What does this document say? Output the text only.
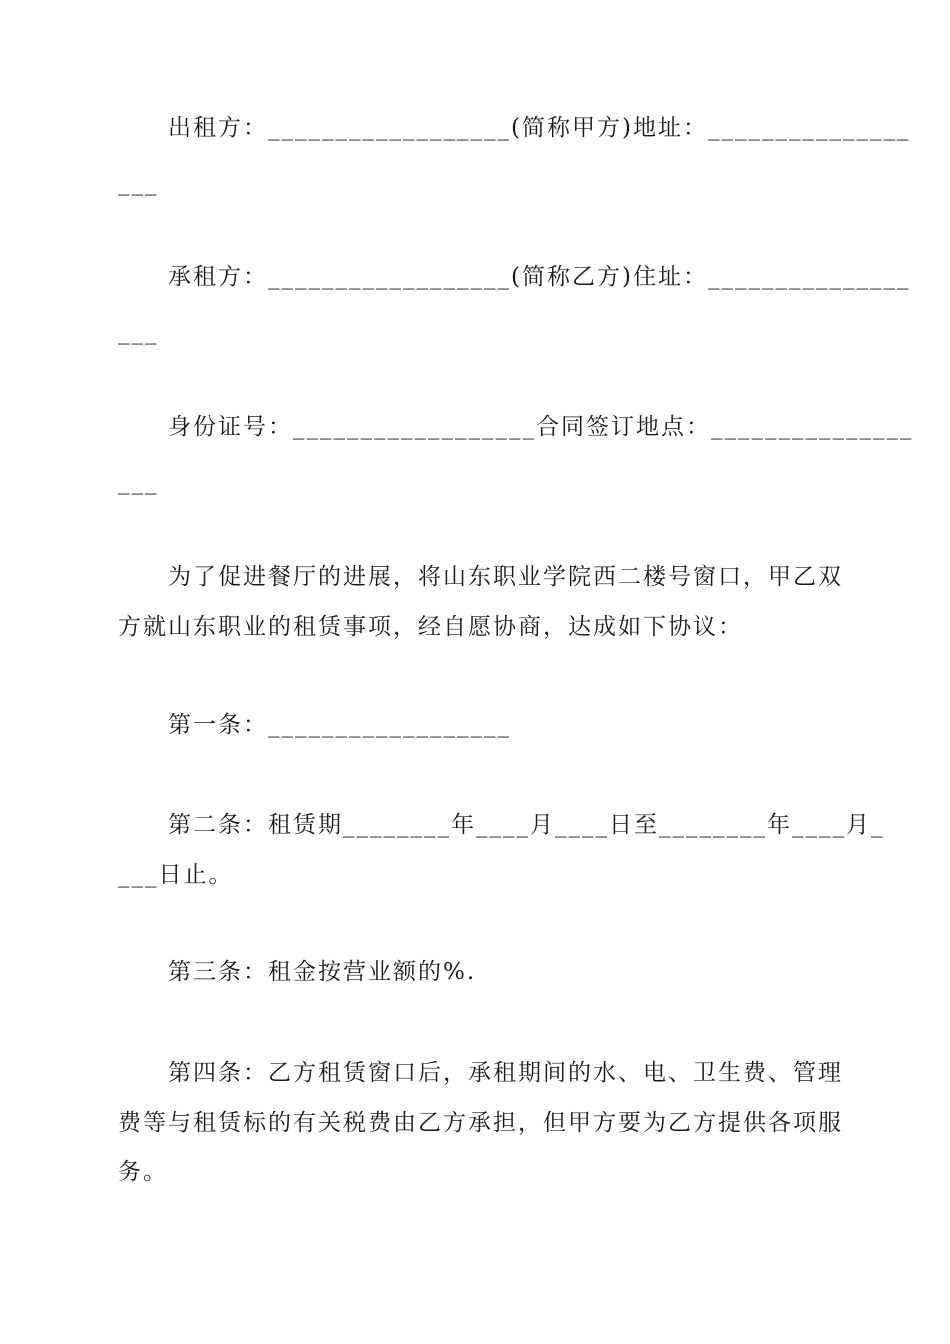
出租方：__________________(简称甲方)地址：_______________
___
承租方：__________________(简称乙方)住址：_______________
___
身份证号：__________________合同签订地点：_______________
___
为了促进餐厅的进展，将山东职业学院西二楼号窗口，甲乙双
方就山东职业的租赁事项，经自愿协商，达成如下协议：
第一条：__________________
第二条：租赁期________年____月____日至________年____月_
___日止。
第三条：租金按营业额的%.
第四条：乙方租赁窗口后，承租期间的水、电、卫生费、管理
费等与租赁标的有关税费由乙方承担，但甲方要为乙方提供各项服
务。
